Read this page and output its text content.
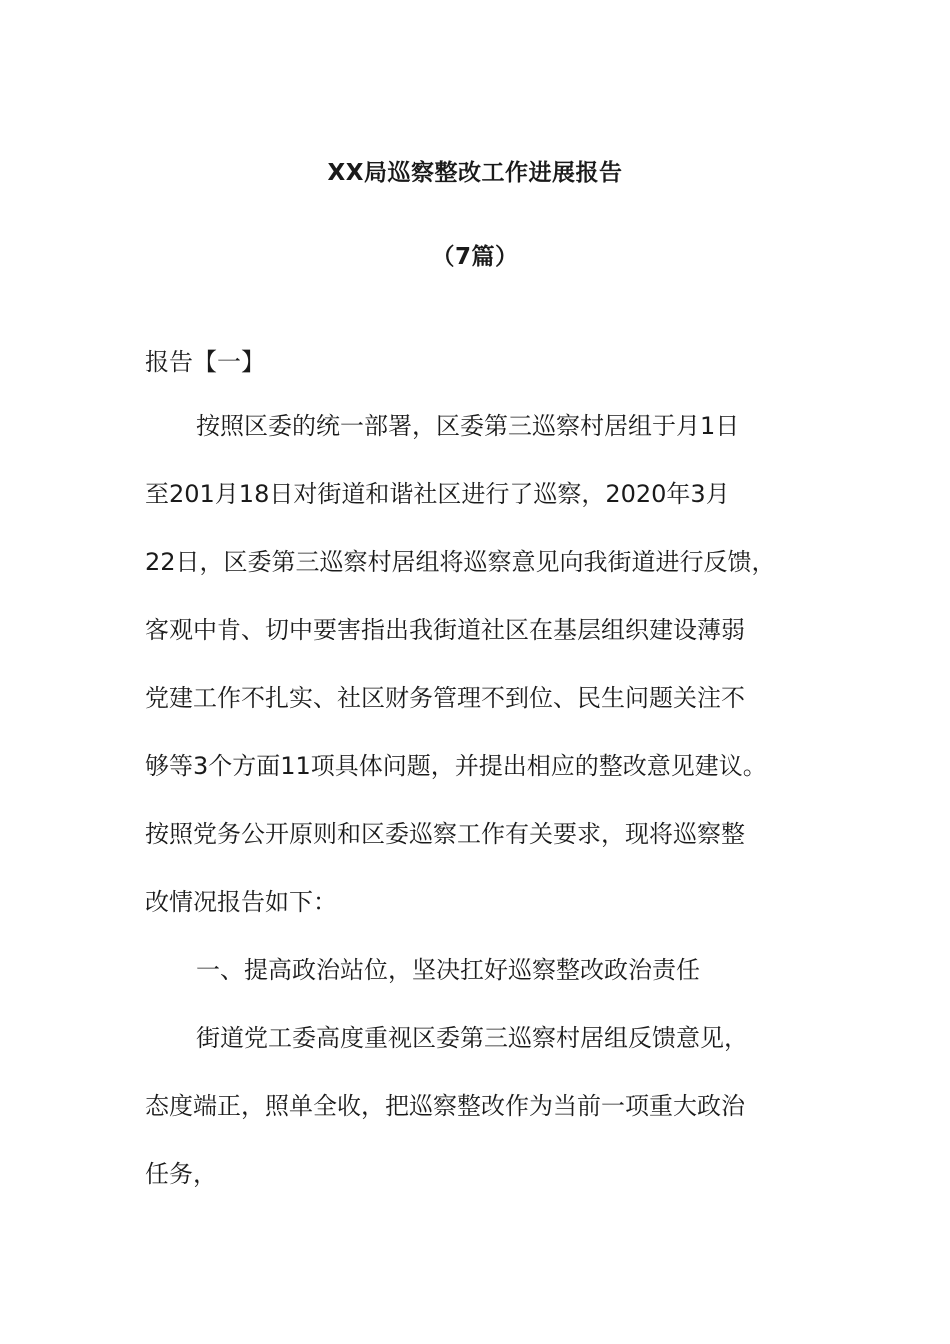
XX局巡察整改工作进展报告
（7篇）
报告【一】
按照区委的统一部署，区委第三巡察村居组于月1日
至201月18日对街道和谐社区进行了巡察，2020年3月
22日，区委第三巡察村居组将巡察意见向我街道进行反馈，
客观中肯、切中要害指出我街道社区在基层组织建设薄弱
党建工作不扎实、社区财务管理不到位、民生问题关注不
够等3个方面11项具体问题，并提出相应的整改意见建议。
按照党务公开原则和区委巡察工作有关要求，现将巡察整
改情况报告如下：
一、提高政治站位，坚决扛好巡察整改政治责任
街道党工委高度重视区委第三巡察村居组反馈意见，
态度端正，照单全收，把巡察整改作为当前一项重大政治
任务，
